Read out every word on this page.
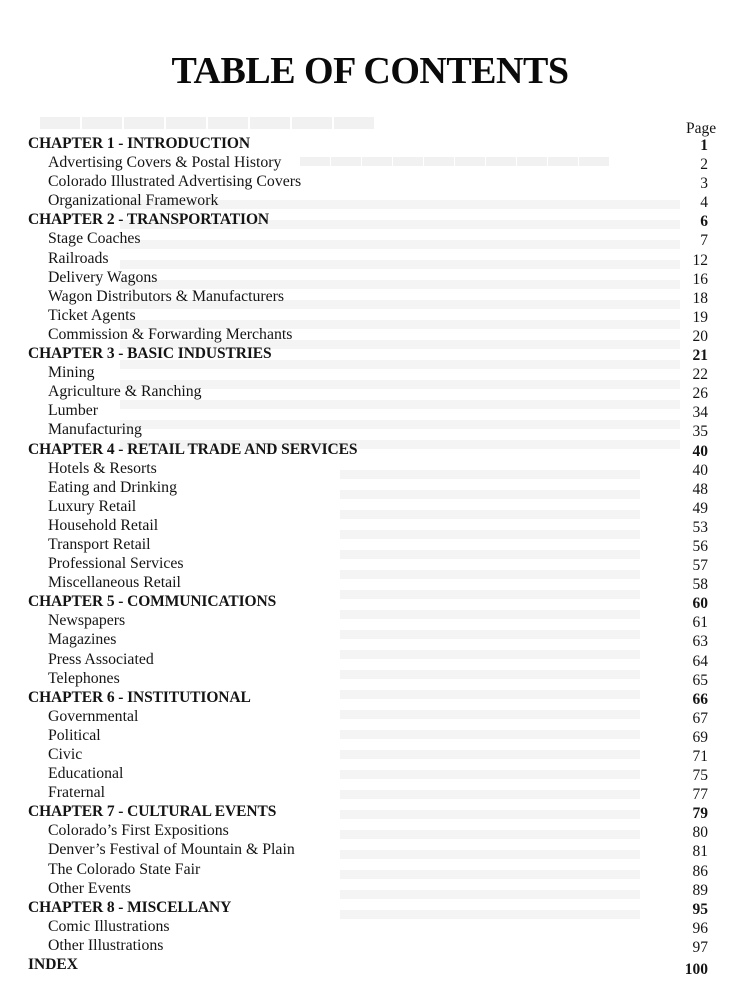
▬▬▬▬▬▬▬▬
▬▬▬▬▬▬▬▬▬▬
TABLE OF CONTENTS
Page
CHAPTER 1 - INTRODUCTION	1
Advertising Covers & Postal History	2
Colorado Illustrated Advertising Covers	3
Organizational Framework	4
CHAPTER 2 - TRANSPORTATION	6
Stage Coaches	7
Railroads	12
Delivery Wagons	16
Wagon Distributors & Manufacturers	18
Ticket Agents	19
Commission & Forwarding Merchants	20
CHAPTER 3 - BASIC INDUSTRIES	21
Mining	22
Agriculture & Ranching	26
Lumber	34
Manufacturing	35
CHAPTER 4 - RETAIL TRADE AND SERVICES	40
Hotels & Resorts	40
Eating and Drinking	48
Luxury Retail	49
Household Retail	53
Transport Retail	56
Professional Services	57
Miscellaneous Retail	58
CHAPTER 5 - COMMUNICATIONS	60
Newspapers	61
Magazines	63
Press Associated	64
Telephones	65
CHAPTER 6 - INSTITUTIONAL	66
Governmental	67
Political	69
Civic	71
Educational	75
Fraternal	77
CHAPTER 7 - CULTURAL EVENTS	79
Colorado’s First Expositions	80
Denver’s Festival of Mountain & Plain	81
The Colorado State Fair	86
Other Events	89
CHAPTER 8 - MISCELLANY	95
Comic Illustrations	96
Other Illustrations	97
INDEX	100
